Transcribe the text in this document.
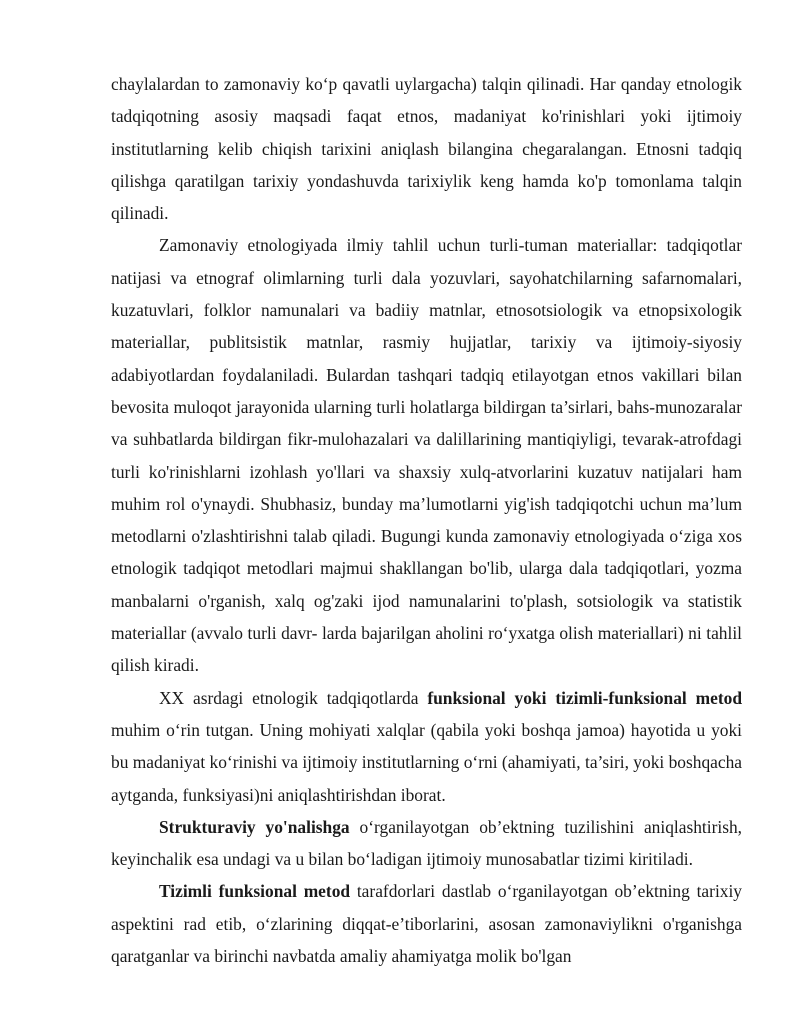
chaylalardan to zamonaviy ko‘p qavatli uylargacha) talqin qilinadi. Har qanday etnologik tadqiqotning asosiy maqsadi faqat etnos, madaniyat ko'rinishlari yoki ijtimoiy institutlarning kelib chiqish tarixini aniqlash bilangina chegaralangan. Etnosni tadqiq qilishga qaratilgan tarixiy yondashuvda tarixiylik keng hamda ko'p tomonlama talqin qilinadi.

Zamonaviy etnologiyada ilmiy tahlil uchun turli-tuman materiallar: tadqiqotlar natijasi va etnograf olimlarning turli dala yozuvlari, sayohatchilarning safarnomalari, kuzatuvlari, folklor namunalari va badiiy matnlar, etnosotsiologik va etnopsixologik materiallar, publitsistik matnlar, rasmiy hujjatlar, tarixiy va ijtimoiy-siyosiy adabiyotlardan foydalaniladi. Bulardan tashqari tadqiq etilayotgan etnos vakillari bilan bevosita muloqot jarayonida ularning turli holatlarga bildirgan ta’sirlari, bahs-munozaralar va suhbatlarda bildirgan fikr-mulohazalari va dalillarining mantiqiyligi, tevarak-atrofdagi turli ko'rinishlarni izohlash yo'llari va shaxsiy xulq-atvorlarini kuzatuv natijalari ham muhim rol o'ynaydi. Shubhasiz, bunday ma’lumotlarni yig'ish tadqiqotchi uchun ma’lum metodlarni o'zlashtirishni talab qiladi. Bugungi kunda zamonaviy etnologiyada o‘ziga xos etnologik tadqiqot metodlari majmui shakllangan bo'lib, ularga dala tadqiqotlari, yozma manbalarni o'rganish, xalq og'zaki ijod namunalarini to'plash, sotsiologik va statistik materiallar (avvalo turli davr- larda bajarilgan aholini ro‘yxatga olish materiallari) ni tahlil qilish kiradi.

XX asrdagi etnologik tadqiqotlarda funksional yoki tizimli-funksional metod muhim o‘rin tutgan. Uning mohiyati xalqlar (qabila yoki boshqa jamoa) hayotida u yoki bu madaniyat ko‘rinishi va ijtimoiy institutlarning o‘rni (ahamiyati, ta’siri, yoki boshqacha aytganda, funksiyasi)ni aniqlashtirishdan iborat.

Strukturaviy yo'nalishga o‘rganilayotgan ob’ektning tuzilishini aniqlashtirish, keyinchalik esa undagi va u bilan bo‘ladigan ijtimoiy munosabatlar tizimi kiritiladi.

Tizimli funksional metod tarafdorlari dastlab o‘rganilayotgan ob’ektning tarixiy aspektini rad etib, o‘zlarining diqqat-e’tiborlarini, asosan zamonaviylikni o'rganishga qaratganlar va birinchi navbatda amaliy ahamiyatga molik bo'lgan
